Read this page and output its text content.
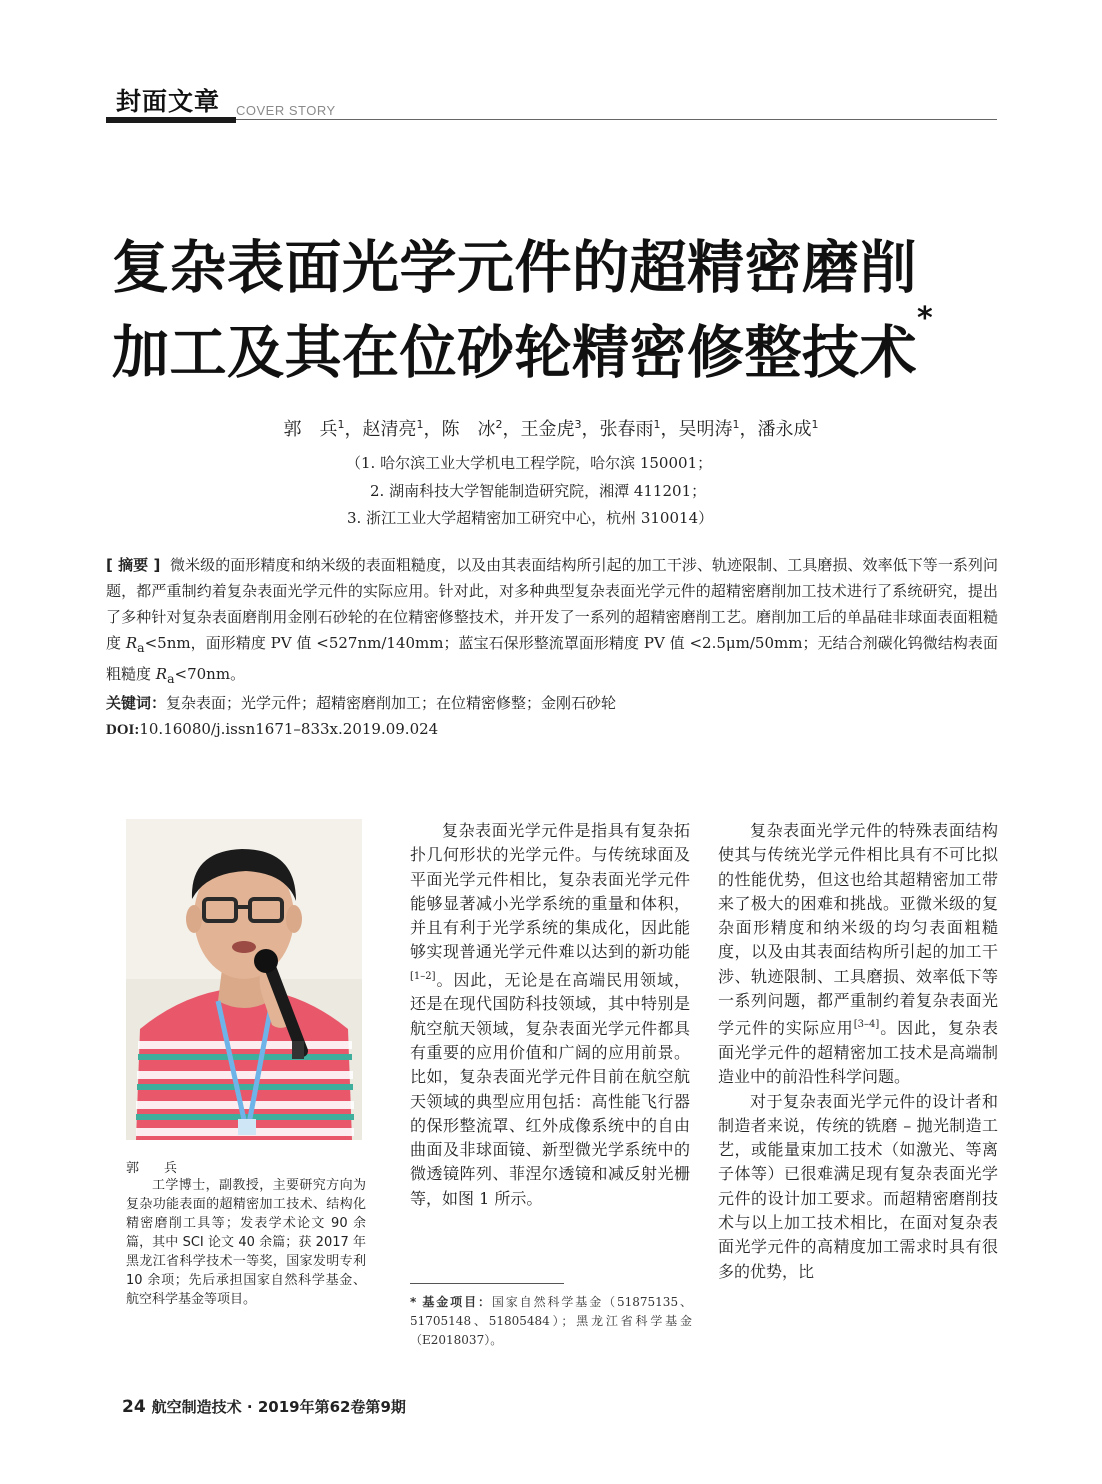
封面文章 COVER STORY
复杂表面光学元件的超精密磨削
加工及其在位砂轮精密修整技术*
郭　兵$^1$，赵清亮$^1$，陈　冰$^2$，王金虎$^3$，张春雨$^1$，吴明涛$^1$，潘永成$^1$
（1. 哈尔滨工业大学机电工程学院，哈尔滨 150001；
2. 湖南科技大学智能制造研究院，湘潭 411201；
3. 浙江工业大学超精密加工研究中心，杭州 310014）
[ 摘要 ] 微米级的面形精度和纳米级的表面粗糙度，以及由其表面结构所引起的加工干涉、轨迹限制、工具磨损、效率低下等一系列问题，都严重制约着复杂表面光学元件的实际应用。针对此，对多种典型复杂表面光学元件的超精密磨削加工技术进行了系统研究，提出了多种针对复杂表面磨削用金刚石砂轮的在位精密修整技术，并开发了一系列的超精密磨削工艺。磨削加工后的单晶硅非球面表面粗糙度 $R_a<5nm$，面形精度 PV 值 <527nm/140mm；蓝宝石保形整流罩面形精度 PV 值 <2.5μm/50mm；无结合剂碳化钨微结构表面粗糙度 $R_a<70nm$。
关键词：复杂表面；光学元件；超精密磨削加工；在位精密修整；金刚石砂轮
DOI:10.16080/j.issn1671–833x.2019.09.024
郭　兵
工学博士，副教授，主要研究方向为复杂功能表面的超精密加工技术、结构化精密磨削工具等；发表学术论文 90 余篇，其中 SCI 论文 40 余篇；获 2017 年黑龙江省科学技术一等奖，国家发明专利 10 余项；先后承担国家自然科学基金、航空科学基金等项目。

复杂表面光学元件是指具有复杂拓扑几何形状的光学元件。与传统球面及平面光学元件相比，复杂表面光学元件能够显著减小光学系统的重量和体积，并且有利于光学系统的集成化，因此能够实现普通光学元件难以达到的新功能[1–2]。因此，无论是在高端民用领域，还是在现代国防科技领域，其中特别是航空航天领域，复杂表面光学元件都具有重要的应用价值和广阔的应用前景。比如，复杂表面光学元件目前在航空航天领域的典型应用包括：高性能飞行器的保形整流罩、红外成像系统中的自由曲面及非球面镜、新型微光学系统中的微透镜阵列、菲涅尔透镜和减反射光栅等，如图 1 所示。

复杂表面光学元件的特殊表面结构使其与传统光学元件相比具有不可比拟的性能优势，但这也给其超精密加工带来了极大的困难和挑战。亚微米级的复杂面形精度和纳米级的均匀表面粗糙度，以及由其表面结构所引起的加工干涉、轨迹限制、工具磨损、效率低下等一系列问题，都严重制约着复杂表面光学元件的实际应用[3–4]。因此，复杂表面光学元件的超精密加工技术是高端制造业中的前沿性科学问题。

对于复杂表面光学元件的设计者和制造者来说，传统的铣磨 – 抛光制造工艺，或能量束加工技术（如激光、等离子体等）已很难满足现有复杂表面光学元件的设计加工要求。而超精密磨削技术与以上加工技术相比，在面对复杂表面光学元件的高精度加工需求时具有很多的优势，比

* 基金项目：国家自然科学基金（51875135、51705148、51805484）；黑龙江省科学基金（E2018037）。
24 航空制造技术 · 2019年第62卷第9期
